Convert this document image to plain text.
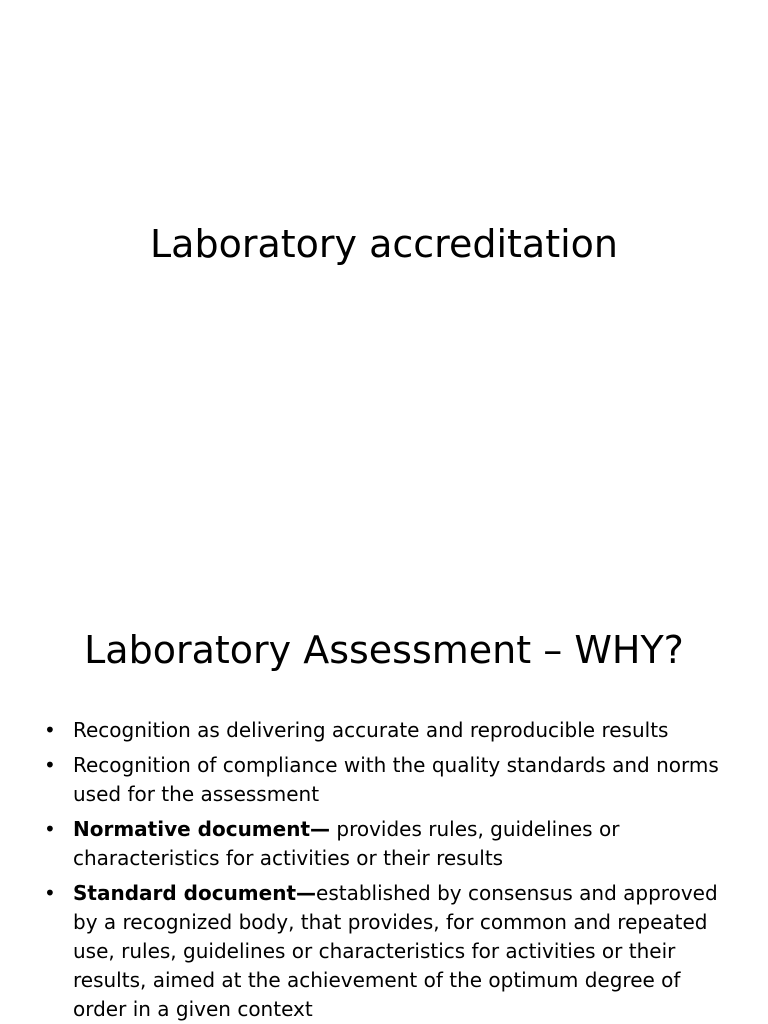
Laboratory accreditation
Laboratory Assessment – WHY?
• Recognition as delivering accurate and reproducible results
• Recognition of compliance with the quality standards and norms used for the assessment
• Normative document— provides rules, guidelines or characteristics for activities or their results
• Standard document—established by consensus and approved by a recognized body, that provides, for common and repeated use, rules, guidelines or characteristics for activities or their results, aimed at the achievement of the optimum degree of order in a given context
